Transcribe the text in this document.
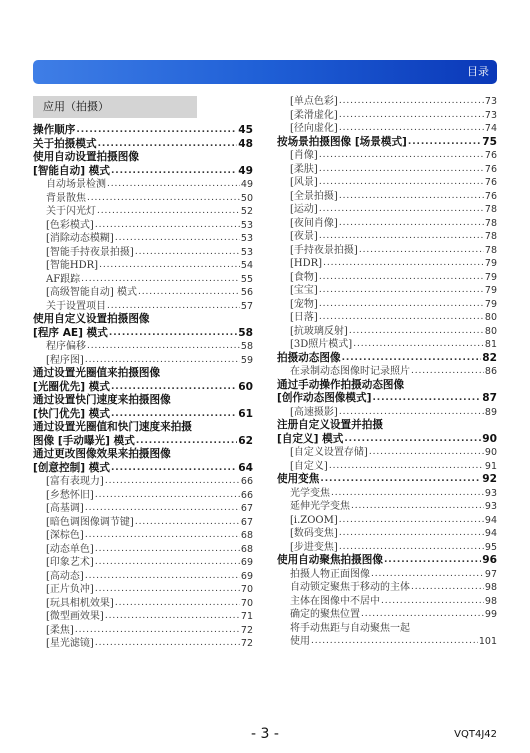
目录
应用（拍摄）
操作顺序 .....	45
关于拍摄模式 .....	48
使用自动设置拍摄图像
[智能自动] 模式 .....	49
自动场景检测 .....	49
背景散焦 .....	50
关于闪光灯 .....	52
[色彩模式] .....	53
[消除动态模糊] .....	53
[智能手持夜景拍摄] .....	53
[智能HDR] .....	54
AF跟踪 .....	55
[高级智能自动] 模式 .....	56
关于设置项目 .....	57
使用自定义设置拍摄图像
[程序 AE] 模式 .....	58
程序偏移 .....	58
[程序图] .....	59
通过设置光圈值来拍摄图像
[光圈优先] 模式 .....	60
通过设置快门速度来拍摄图像
[快门优先] 模式 .....	61
通过设置光圈值和快门速度来拍摄
图像 [手动曝光] 模式 .....	62
通过更改图像效果来拍摄图像
[创意控制] 模式 .....	64
[富有表现力] .....	66
[乡愁怀旧] .....	66
[高基调] .....	67
[暗色调图像调节键] .....	67
[深棕色] .....	68
[动态单色] .....	68
[印象艺术] .....	69
[高动态] .....	69
[正片负冲] .....	70
[玩具相机效果] .....	70
[微型画效果] .....	71
[柔焦] .....	72
[星光滤镜] .....	72
[单点色彩] .....	73
[柔滑虚化] .....	73
[径向虚化] .....	74
按场景拍摄图像 [场景模式] .....	75
[肖像] .....	76
[柔肤] .....	76
[风景] .....	76
[全景拍摄] .....	76
[运动] .....	78
[夜间肖像] .....	78
[夜景] .....	78
[手持夜景拍摄] .....	78
[HDR] .....	79
[食物] .....	79
[宝宝] .....	79
[宠物] .....	79
[日落] .....	80
[抗玻璃反射] .....	80
[3D照片模式] .....	81
拍摄动态图像 .....	82
在录制动态图像时记录照片 .....	86
通过手动操作拍摄动态图像
[创作动态图像模式] .....	87
[高速摄影] .....	89
注册自定义设置并拍摄
[自定义] 模式 .....	90
[自定义设置存储] .....	90
[自定义] .....	91
使用变焦 .....	92
光学变焦 .....	93
延伸光学变焦 .....	93
[i.ZOOM] .....	94
[数码变焦] .....	94
[步进变焦] .....	95
使用自动聚焦拍摄图像 .....	96
拍摄人物正面图像 .....	97
自动锁定聚焦于移动的主体 .....	98
主体在图像中不居中 .....	98
确定的聚焦位置 .....	99
将手动焦距与自动聚焦一起
使用 .....	101
- 3 -	VQT4J42
